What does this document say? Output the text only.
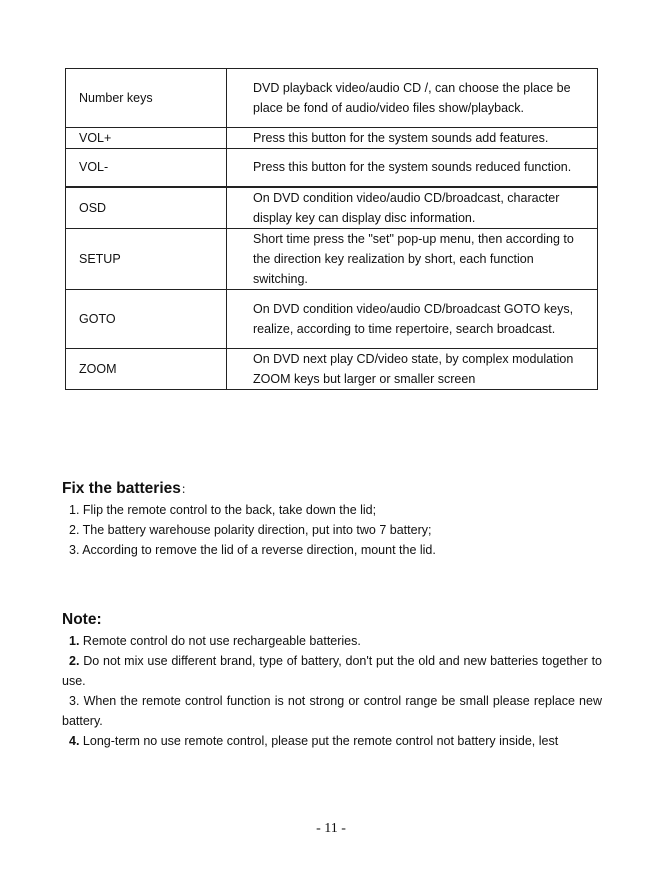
Number keys	DVD playback video/audio CD /, can choose the place be place be fond of audio/video files show/playback.
VOL+	Press this button for the system sounds add features.
VOL-	Press this button for the system sounds reduced function.
OSD	On DVD condition video/audio CD/broadcast, character display key can display disc information.
SETUP	Short time press the "set" pop-up menu, then according to the direction key realization by short, each function switching.
GOTO	On DVD condition video/audio CD/broadcast GOTO keys, realize, according to time repertoire, search broadcast.
ZOOM	On DVD next play CD/video state, by complex modulation ZOOM keys but larger or smaller screen
Fix the batteries：
1. Flip the remote control to the back, take down the lid;
2. The battery warehouse polarity direction, put into two 7 battery;
3. According to remove the lid of a reverse direction, mount the lid.
Note:
1. Remote control do not use rechargeable batteries.
2. Do not mix use different brand, type of battery, don't put the old and new batteries together to use.
3. When the remote control function is not strong or control range be small please replace new battery.
4. Long-term no use remote control, please put the remote control not battery inside, lest
- 11 -
